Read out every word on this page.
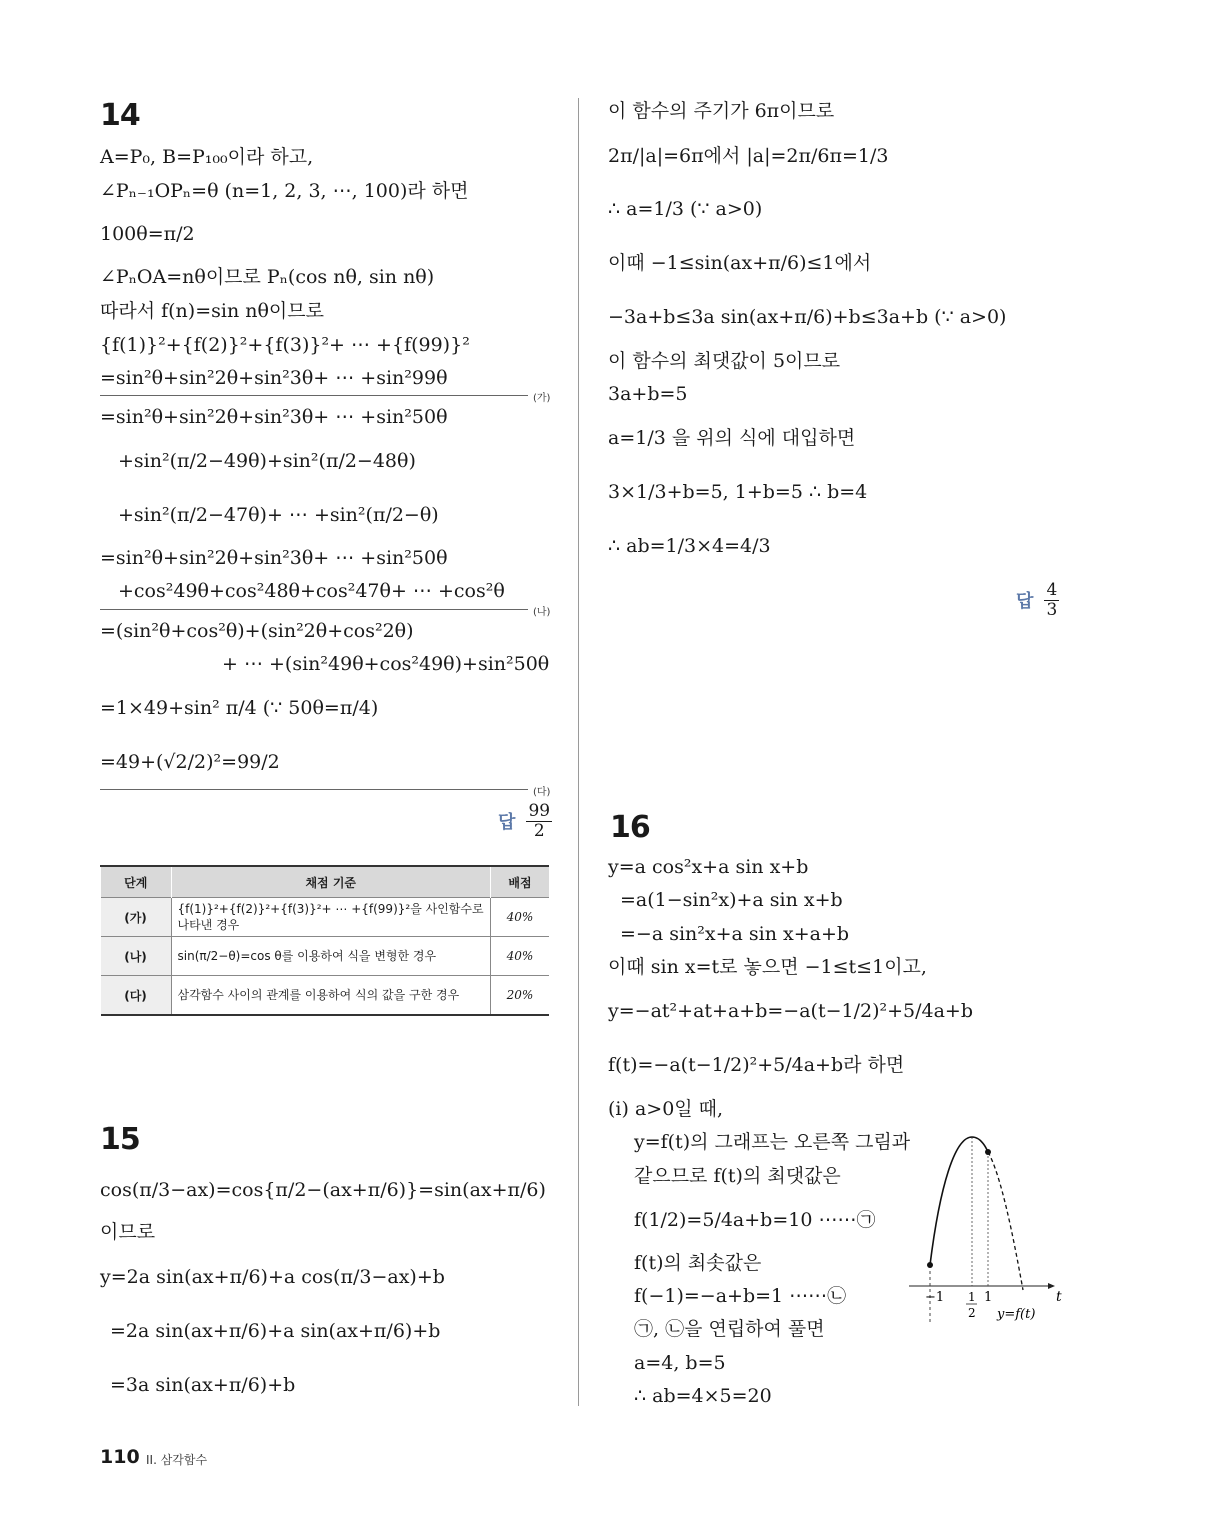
14
A=P₀, B=P₁₀₀이라 하고,
∠Pₙ₋₁OPₙ=θ (n=1, 2, 3, ⋯, 100)라 하면
100θ=π/2
∠PₙOA=nθ이므로 Pₙ(cos nθ, sin nθ)
따라서 f(n)=sin nθ이므로
{f(1)}²+{f(2)}²+{f(3)}²+ ⋯ +{f(99)}²
=sin²θ+sin²2θ+sin²3θ+ ⋯ +sin²99θ
(가)
=sin²θ+sin²2θ+sin²3θ+ ⋯ +sin²50θ
+sin²(π/2−49θ)+sin²(π/2−48θ)
+sin²(π/2−47θ)+ ⋯ +sin²(π/2−θ)
=sin²θ+sin²2θ+sin²3θ+ ⋯ +sin²50θ
+cos²49θ+cos²48θ+cos²47θ+ ⋯ +cos²θ
(나)
=(sin²θ+cos²θ)+(sin²2θ+cos²2θ)
+ ⋯ +(sin²49θ+cos²49θ)+sin²50θ
=1×49+sin² π/4 (∵ 50θ=π/4)
=49+(√2/2)²=99/2
(다)
답 $\frac{99}{2}$
단계	채점 기준	배점
(가)	{f(1)}²+{f(2)}²+{f(3)}²+ ⋯ +{f(99)}²을 사인함수로 나타낸 경우	40%
(나)	sin(π/2−θ)=cos θ를 이용하여 식을 변형한 경우	40%
(다)	삼각함수 사이의 관계를 이용하여 식의 값을 구한 경우	20%
15
cos(π/3−ax)=cos{π/2−(ax+π/6)}=sin(ax+π/6)
이므로
y=2a sin(ax+π/6)+a cos(π/3−ax)+b
=2a sin(ax+π/6)+a sin(ax+π/6)+b
=3a sin(ax+π/6)+b
이 함수의 주기가 6π이므로
2π/|a|=6π에서 |a|=2π/6π=1/3
∴ a=1/3 (∵ a>0)
이때 −1≤sin(ax+π/6)≤1에서
−3a+b≤3a sin(ax+π/6)+b≤3a+b (∵ a>0)
이 함수의 최댓값이 5이므로
3a+b=5
a=1/3 을 위의 식에 대입하면
3×1/3+b=5, 1+b=5 ∴ b=4
∴ ab=1/3×4=4/3
답 $\frac{4}{3}$
16
y=a cos²x+a sin x+b
=a(1−sin²x)+a sin x+b
=−a sin²x+a sin x+a+b
이때 sin x=t로 놓으면 −1≤t≤1이고,
y=−at²+at+a+b=−a(t−1/2)²+5/4a+b
f(t)=−a(t−1/2)²+5/4a+b라 하면
(ⅰ) a>0일 때,
y=f(t)의 그래프는 오른쪽 그림과
같으므로 f(t)의 최댓값은
f(1/2)=5/4a+b=10 ⋯⋯㉠
f(t)의 최솟값은
f(−1)=−a+b=1 ⋯⋯㉡
㉠, ㉡을 연립하여 풀면
a=4, b=5
∴ ab=4×5=20
t
−1 1
2
1
y=f(t)
110 II. 삼각함수
